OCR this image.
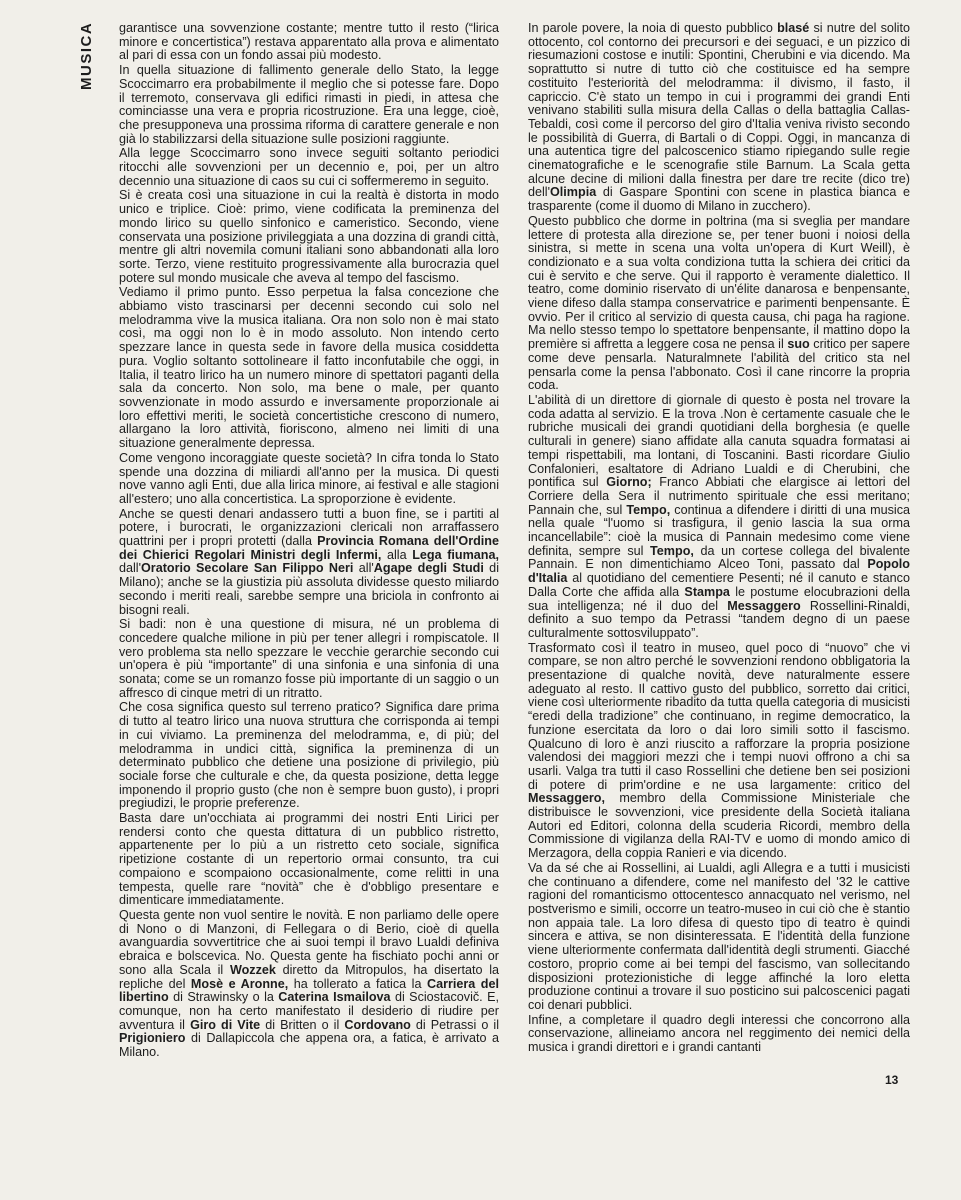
MUSICA garantisce una sovvenzione costante; mentre tutto il resto (“lirica minore e concertistica”) restava apparentato alla prova e alimentato al pari di essa con un fondo assai più modesto.

In quella situazione di fallimento generale dello Stato, la legge Scoccimarro era probabilmente il meglio che si potesse fare. Dopo il terremoto, conservava gli edifici rimasti in piedi, in attesa che cominciasse una vera e propria ricostruzione. Era una legge, cioè, che presupponeva una prossima riforma di carattere generale e non già lo stabilizzarsi della situazione sulle posizioni raggiunte.

Alla legge Scoccimarro sono invece seguiti soltanto periodici ritocchi alle sovvenzioni per un decennio e, poi, per un altro decennio una situazione di caos su cui ci soffermeremo in seguito.

Si è creata così una situazione in cui la realtà è distorta in modo unico e triplice. Cioè: primo, viene codificata la preminenza del mondo lirico su quello sinfonico e cameristico. Secondo, viene conservata una posizione privileggiata a una dozzina di grandi città, mentre gli altri novemila comuni italiani sono abbandonati alla loro sorte. Terzo, viene restituito progressivamente alla burocrazia quel potere sul mondo musicale che aveva al tempo del fascismo.

Vediamo il primo punto. Esso perpetua la falsa concezione che abbiamo visto trascinarsi per decenni secondo cui solo nel melodramma vive la musica italiana. Ora non solo non è mai stato così, ma oggi non lo è in modo assoluto. Non intendo certo spezzare lance in questa sede in favore della musica cosiddetta pura. Voglio soltanto sottolineare il fatto inconfutabile che oggi, in Italia, il teatro lirico ha un numero minore di spettatori paganti della sala da concerto. Non solo, ma bene o male, per quanto sovvenzionate in modo assurdo e inversamente proporzionale ai loro effettivi meriti, le società concertistiche crescono di numero, allargano la loro attività, fioriscono, almeno nei limiti di una situazione generalmente depressa.

Come vengono incoraggiate queste società? In cifra tonda lo Stato spende una dozzina di miliardi all'anno per la musica. Di questi nove vanno agli Enti, due alla lirica minore, ai festival e alle stagioni all'estero; uno alla concertistica. La sproporzione è evidente.

Anche se questi denari andassero tutti a buon fine, se i partiti al potere, i burocrati, le organizzazioni clericali non arraffassero quattrini per i propri protetti (dalla Provincia Romana dell'Ordine dei Chierici Regolari Ministri degli Infermi, alla Lega fiumana, dall'Oratorio Secolare San Filippo Neri all'Agape degli Studi di Milano); anche se la giustizia più assoluta dividesse questo miliardo secondo i meriti reali, sarebbe sempre una briciola in confronto ai bisogni reali.

Si badi: non è una questione di misura, né un problema di concedere qualche milione in più per tener allegri i rompiscatole. Il vero problema sta nello spezzare le vecchie gerarchie secondo cui un'opera è più “importante” di una sinfonia e una sinfonia di una sonata; come se un romanzo fosse più importante di un saggio o un affresco di cinque metri di un ritratto.

Che cosa significa questo sul terreno pratico? Significa dare prima di tutto al teatro lirico una nuova struttura che corrisponda ai tempi in cui viviamo. La preminenza del melodramma, e, di più; del melodramma in undici città, significa la preminenza di un determinato pubblico che detiene una posizione di privilegio, più sociale forse che culturale e che, da questa posizione, detta legge imponendo il proprio gusto (che non è sempre buon gusto), i propri pregiudizi, le proprie preferenze.

Basta dare un'occhiata ai programmi dei nostri Enti Lirici per rendersi conto che questa dittatura di un pubblico ristretto, appartenente per lo più a un ristretto ceto sociale, significa ripetizione costante di un repertorio ormai consunto, tra cui compaiono e scompaiono occasionalmente, come relitti in una tempesta, quelle rare “novità” che è d'obbligo presentare e dimenticare immediatamente.

Questa gente non vuol sentire le novità. E non parliamo delle opere di Nono o di Manzoni, di Fellegara o di Berio, cioè di quella avanguardia sovvertitrice che ai suoi tempi il bravo Lualdi definiva ebraica e bolscevica. No. Questa gente ha fischiato pochi anni or sono alla Scala il Wozzek diretto da Mitropulos, ha disertato la repliche del Mosè e Aronne, ha tollerato a fatica la Carriera del libertino di Strawinsky o la Caterina Ismailova di Sciostacovič. E, comunque, non ha certo manifestato il desiderio di riudire per avventura il Giro di Vite di Britten o il Cordovano di Petrassi o il Prigioniero di Dallapiccola che appena ora, a fatica, è arrivato a Milano.

In parole povere, la noia di questo pubblico blasé si nutre del solito ottocento, col contorno dei precursori e dei seguaci, e un pizzico di riesumazioni costose e inutili: Spontini, Cherubini e via dicendo. Ma soprattutto si nutre di tutto ciò che costituisce ed ha sempre costituito l'esteriorità del melodramma: il divismo, il fasto, il capriccio. C'è stato un tempo in cui i programmi dei grandi Enti venivano stabiliti sulla misura della Callas o della battaglia Callas-Tebaldi, così come il percorso del giro d'Italia veniva rivisto secondo le possibilità di Guerra, di Bartali o di Coppi. Oggi, in mancanza di una autentica tigre del palcoscenico stiamo ripiegando sulle regie cinematografiche e le scenografie stile Barnum. La Scala getta alcune decine di milioni dalla finestra per dare tre recite (dico tre) dell'Olimpia di Gaspare Spontini con scene in plastica bianca e trasparente (come il duomo di Milano in zucchero).

Questo pubblico che dorme in poltrina (ma si sveglia per mandare lettere di protesta alla direzione se, per tener buoni i noiosi della sinistra, si mette in scena una volta un'opera di Kurt Weill), è condizionato e a sua volta condiziona tutta la schiera dei critici da cui è servito e che serve. Qui il rapporto è veramente dialettico. Il teatro, come dominio riservato di un'élite danarosa e benpensante, viene difeso dalla stampa conservatrice e parimenti benpensante. È ovvio. Per il critico al servizio di questa causa, chi paga ha ragione. Ma nello stesso tempo lo spettatore benpensante, il mattino dopo la première si affretta a leggere cosa ne pensa il suo critico per sapere come deve pensarla. Naturalmnete l'abilità del critico sta nel pensarla come la pensa l'abbonato. Così il cane rincorre la propria coda.

L'abilità di un direttore di giornale di questo è posta nel trovare la coda adatta al servizio. E la trova .Non è certamente casuale che le rubriche musicali dei grandi quotidiani della borghesia (e quelle culturali in genere) siano affidate alla canuta squadra formatasi ai tempi rispettabili, ma lontani, di Toscanini. Basti ricordare Giulio Confalonieri, esaltatore di Adriano Lualdi e di Cherubini, che pontifica sul Giorno; Franco Abbiati che elargisce ai lettori del Corriere della Sera il nutrimento spirituale che essi meritano; Pannain che, sul Tempo, continua a difendere i diritti di una musica nella quale “l'uomo si trasfigura, il genio lascia la sua orma incancellabile”: cioè la musica di Pannain medesimo come viene definita, sempre sul Tempo, da un cortese collega del bivalente Pannain. E non dimentichiamo Alceo Toni, passato dal Popolo d'Italia al quotidiano del cementiere Pesenti; né il canuto e stanco Dalla Corte che affida alla Stampa le postume elocubrazioni della sua intelligenza; né il duo del Messaggero Rossellini-Rinaldi, definito a suo tempo da Petrassi “tandem degno di un paese culturalmente sottosviluppato”.

Trasformato così il teatro in museo, quel poco di “nuovo” che vi compare, se non altro perché le sovvenzioni rendono obbligatoria la presentazione di qualche novità, deve naturalmente essere adeguato al resto. Il cattivo gusto del pubblico, sorretto dai critici, viene così ulteriormente ribadito da tutta quella categoria di musicisti “eredi della tradizione” che continuano, in regime democratico, la funzione esercitata da loro o dai loro simili sotto il fascismo. Qualcuno di loro è anzi riuscito a rafforzare la propria posizione valendosi dei maggiori mezzi che i tempi nuovi offrono a chi sa usarli. Valga tra tutti il caso Rossellini che detiene ben sei posizioni di potere di prim'ordine e ne usa largamente: critico del Messaggero, membro della Commissione Ministeriale che distribuisce le sovvenzioni, vice presidente della Società italiana Autori ed Editori, colonna della scuderia Ricordi, membro della Commissione di vigilanza della RAI-TV e uomo di mondo amico di Merzagora, della coppia Ranieri e via dicendo.

Va da sé che ai Rossellini, ai Lualdi, agli Allegra e a tutti i musicisti che continuano a difendere, come nel manifesto del '32 le cattive ragioni del romanticismo ottocentesco annacquato nel verismo, nel postverismo e simili, occorre un teatro-museo in cui ciò che è stantio non appaia tale. La loro difesa di questo tipo di teatro è quindi sincera e attiva, se non disinteressata. E l'identità della funzione viene ulteriormente confermata dall'identità degli strumenti. Giacché costoro, proprio come ai bei tempi del fascismo, van sollecitando disposizioni protezionistiche di legge affinché la loro eletta produzione continui a trovare il suo posticino sui palcoscenici pagati coi denari pubblici.

Infine, a completare il quadro degli interessi che concorrono alla conservazione, allineiamo ancora nel reggimento dei nemici della musica i grandi direttori e i grandi cantanti

13
